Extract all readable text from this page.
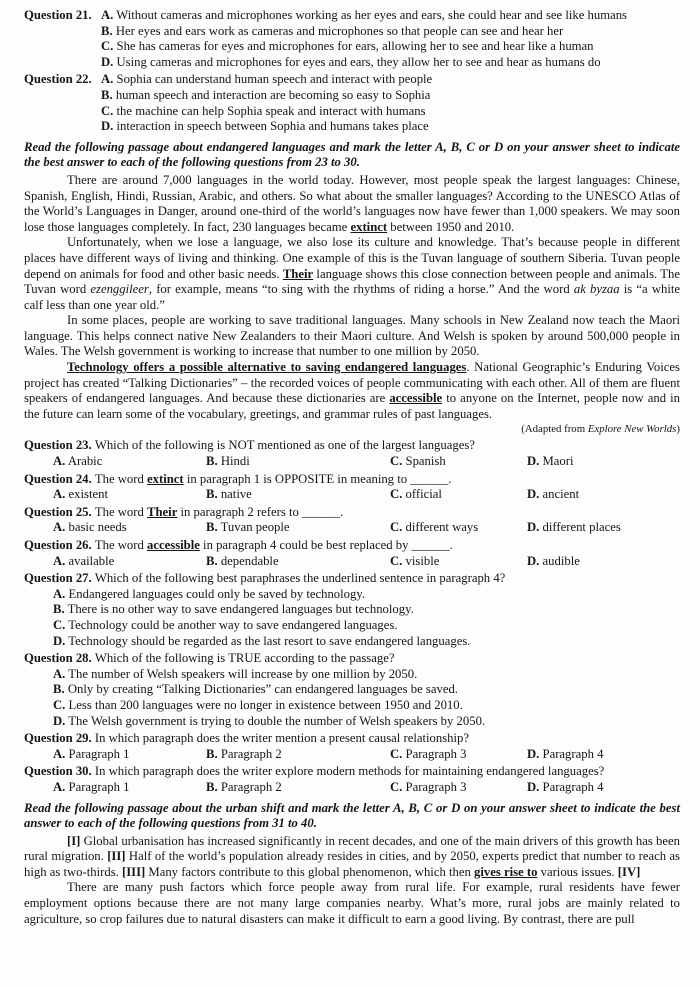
Question 21. A. Without cameras and microphones working as her eyes and ears, she could hear and see like humans
B. Her eyes and ears work as cameras and microphones so that people can see and hear her
C. She has cameras for eyes and microphones for ears, allowing her to see and hear like a human
D. Using cameras and microphones for eyes and ears, they allow her to see and hear as humans do
Question 22. A. Sophia can understand human speech and interact with people
B. human speech and interaction are becoming so easy to Sophia
C. the machine can help Sophia speak and interact with humans
D. interaction in speech between Sophia and humans takes place

Read the following passage about endangered languages and mark the letter A, B, C or D on your answer sheet to indicate the best answer to each of the following questions from 23 to 30.

There are around 7,000 languages in the world today. However, most people speak the largest languages: Chinese, Spanish, English, Hindi, Russian, Arabic, and others. So what about the smaller languages? According to the UNESCO Atlas of the World’s Languages in Danger, around one-third of the world’s languages now have fewer than 1,000 speakers. We may soon lose those languages completely. In fact, 230 languages became extinct between 1950 and 2010.
Unfortunately, when we lose a language, we also lose its culture and knowledge. That’s because people in different places have different ways of living and thinking. One example of this is the Tuvan language of southern Siberia. Tuvan people depend on animals for food and other basic needs. Their language shows this close connection between people and animals. The Tuvan word ezenggileer, for example, means “to sing with the rhythms of riding a horse.” And the word ak byzaa is “a white calf less than one year old.”
In some places, people are working to save traditional languages. Many schools in New Zealand now teach the Maori language. This helps connect native New Zealanders to their Maori culture. And Welsh is spoken by around 500,000 people in Wales. The Welsh government is working to increase that number to one million by 2050.
Technology offers a possible alternative to saving endangered languages. National Geographic’s Enduring Voices project has created “Talking Dictionaries” – the recorded voices of people communicating with each other. All of them are fluent speakers of endangered languages. And because these dictionaries are accessible to anyone on the Internet, people now and in the future can learn some of the vocabulary, greetings, and grammar rules of past languages.
(Adapted from Explore New Worlds)
Question 23. Which of the following is NOT mentioned as one of the largest languages?
A. Arabic	B. Hindi	C. Spanish	D. Maori
Question 24. The word extinct in paragraph 1 is OPPOSITE in meaning to ______.
A. existent	B. native	C. official	D. ancient
Question 25. The word Their in paragraph 2 refers to ______.
A. basic needs	B. Tuvan people	C. different ways	D. different places
Question 26. The word accessible in paragraph 4 could be best replaced by ______.
A. available	B. dependable	C. visible	D. audible
Question 27. Which of the following best paraphrases the underlined sentence in paragraph 4?
A. Endangered languages could only be saved by technology.
B. There is no other way to save endangered languages but technology.
C. Technology could be another way to save endangered languages.
D. Technology should be regarded as the last resort to save endangered languages.
Question 28. Which of the following is TRUE according to the passage?
A. The number of Welsh speakers will increase by one million by 2050.
B. Only by creating “Talking Dictionaries” can endangered languages be saved.
C. Less than 200 languages were no longer in existence between 1950 and 2010.
D. The Welsh government is trying to double the number of Welsh speakers by 2050.
Question 29. In which paragraph does the writer mention a present causal relationship?
A. Paragraph 1	B. Paragraph 2	C. Paragraph 3	D. Paragraph 4
Question 30. In which paragraph does the writer explore modern methods for maintaining endangered languages?
A. Paragraph 1	B. Paragraph 2	C. Paragraph 3	D. Paragraph 4

Read the following passage about the urban shift and mark the letter A, B, C or D on your answer sheet to indicate the best answer to each of the following questions from 31 to 40.

[I] Global urbanisation has increased significantly in recent decades, and one of the main drivers of this growth has been rural migration. [II] Half of the world’s population already resides in cities, and by 2050, experts predict that number to reach as high as two-thirds. [III] Many factors contribute to this global phenomenon, which then gives rise to various issues. [IV]
There are many push factors which force people away from rural life. For example, rural residents have fewer employment options because there are not many large companies nearby. What’s more, rural jobs are mainly related to agriculture, so crop failures due to natural disasters can make it difficult to earn a good living. By contrast, there are pull
